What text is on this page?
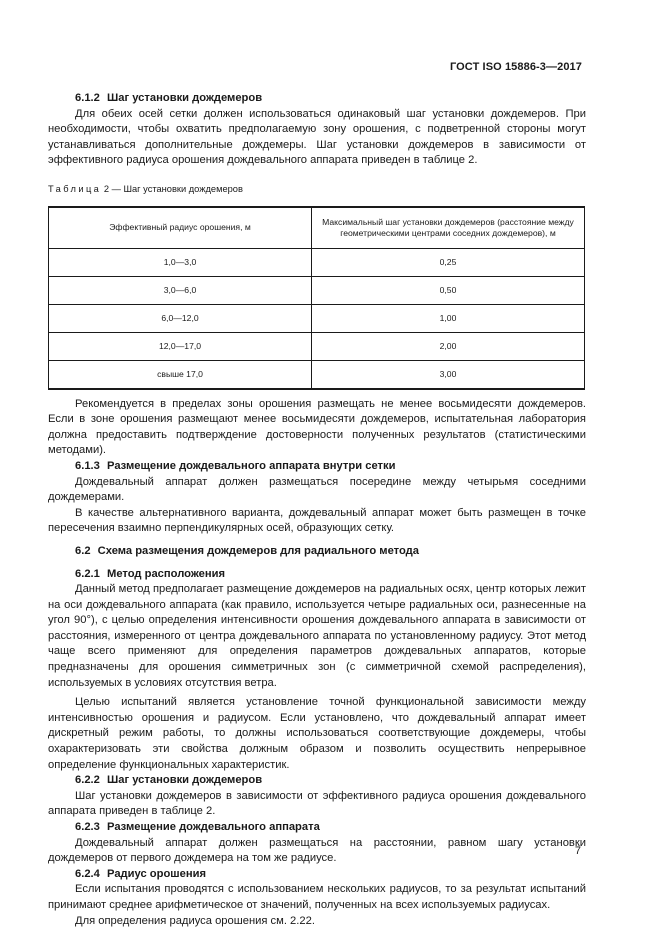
ГОСТ ISO 15886-3—2017

6.1.2 Шаг установки дождемеров

Для обеих осей сетки должен использоваться одинаковый шаг установки дождемеров. При необходимости, чтобы охватить предполагаемую зону орошения, с подветренной стороны могут устанавливаться дополнительные дождемеры. Шаг установки дождемеров в зависимости от эффективного радиуса орошения дождевального аппарата приведен в таблице 2.

Таблица 2 — Шаг установки дождемеров
Эффективный радиус орошения, м	Максимальный шаг установки дождемеров (расстояние между геометрическими центрами соседних дождемеров), м
1,0—3,0	0,25
3,0—6,0	0,50
6,0—12,0	1,00
12,0—17,0	2,00
свыше 17,0	3,00

Рекомендуется в пределах зоны орошения размещать не менее восьмидесяти дождемеров. Если в зоне орошения размещают менее восьмидесяти дождемеров, испытательная лаборатория должна предоставить подтверждение достоверности полученных результатов (статистическими методами).

6.1.3 Размещение дождевального аппарата внутри сетки

Дождевальный аппарат должен размещаться посередине между четырьмя соседними дождемерами.

В качестве альтернативного варианта, дождевальный аппарат может быть размещен в точке пересечения взаимно перпендикулярных осей, образующих сетку.

6.2 Схема размещения дождемеров для радиального метода

6.2.1 Метод расположения

Данный метод предполагает размещение дождемеров на радиальных осях, центр которых лежит на оси дождевального аппарата (как правило, используется четыре радиальных оси, разнесенные на угол 90°), с целью определения интенсивности орошения дождевального аппарата в зависимости от расстояния, измеренного от центра дождевального аппарата по установленному радиусу. Этот метод чаще всего применяют для определения параметров дождевальных аппаратов, которые предназначены для орошения симметричных зон (с симметричной схемой распределения), используемых в условиях отсутствия ветра.

Целью испытаний является установление точной функциональной зависимости между интенсивностью орошения и радиусом. Если установлено, что дождевальный аппарат имеет дискретный режим работы, то должны использоваться соответствующие дождемеры, чтобы охарактеризовать эти свойства должным образом и позволить осуществить непрерывное определение функциональных характеристик.

6.2.2 Шаг установки дождемеров

Шаг установки дождемеров в зависимости от эффективного радиуса орошения дождевального аппарата приведен в таблице 2.

6.2.3 Размещение дождевального аппарата

Дождевальный аппарат должен размещаться на расстоянии, равном шагу установки дождемеров от первого дождемера на том же радиусе.

6.2.4 Радиус орошения

Если испытания проводятся с использованием нескольких радиусов, то за результат испытаний принимают среднее арифметическое от значений, полученных на всех используемых радиусах.

Для определения радиуса орошения см. 2.22.

7
